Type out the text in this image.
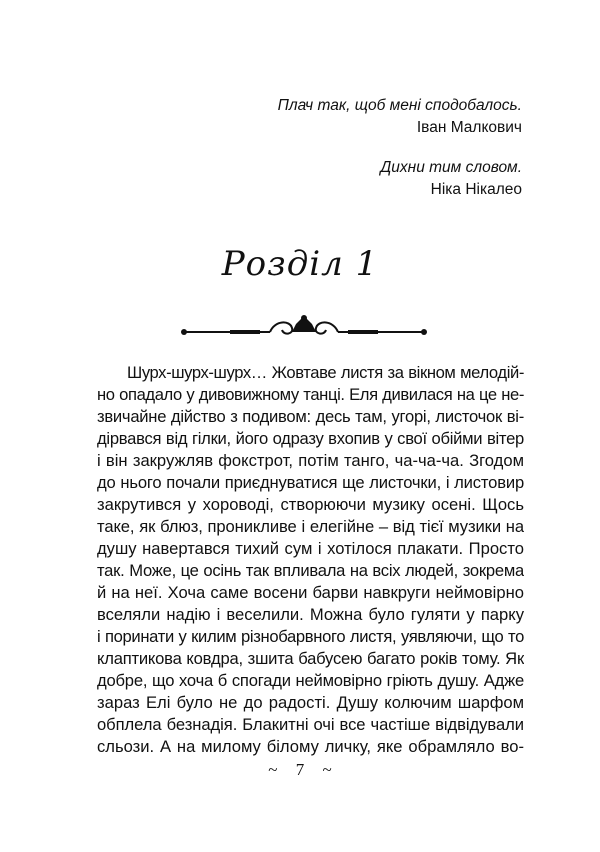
Плач так, щоб мені сподобалось.
Іван Малкович
Дихни тим словом.
Ніка Нікалео
Розділ 1
Шурх-шурх-шурх… Жовтаве листя за вікном мелодій-
но опадало у дивовижному танці. Еля дивилася на це не-
звичайне дійство з подивом: десь там, угорі, листочок ві-
дірвався від гілки, його одразу вхопив у свої обійми вітер
і він закружляв фокстрот, потім танго, ча-ча-ча. Згодом
до нього почали приєднуватися ще листочки, і листовир
закрутився у хороводі, створюючи музику осені. Щось
таке, як блюз, проникливе і елегійне – від тієї музики на
душу навертався тихий сум і хотілося плакати. Просто
так. Може, це осінь так впливала на всіх людей, зокрема
й на неї. Хоча саме восени барви навкруги неймовірно
вселяли надію і веселили. Можна було гуляти у парку
і поринати у килим різнобарвного листя, уявляючи, що то
клаптикова ковдра, зшита бабусею багато років тому. Як
добре, що хоча б спогади неймовірно гріють душу. Адже
зараз Елі було не до радості. Душу колючим шарфом
обплела безнадія. Блакитні очі все частіше відвідували
сльози. А на милому білому личку, яке обрамляло во-
~ 7 ~
